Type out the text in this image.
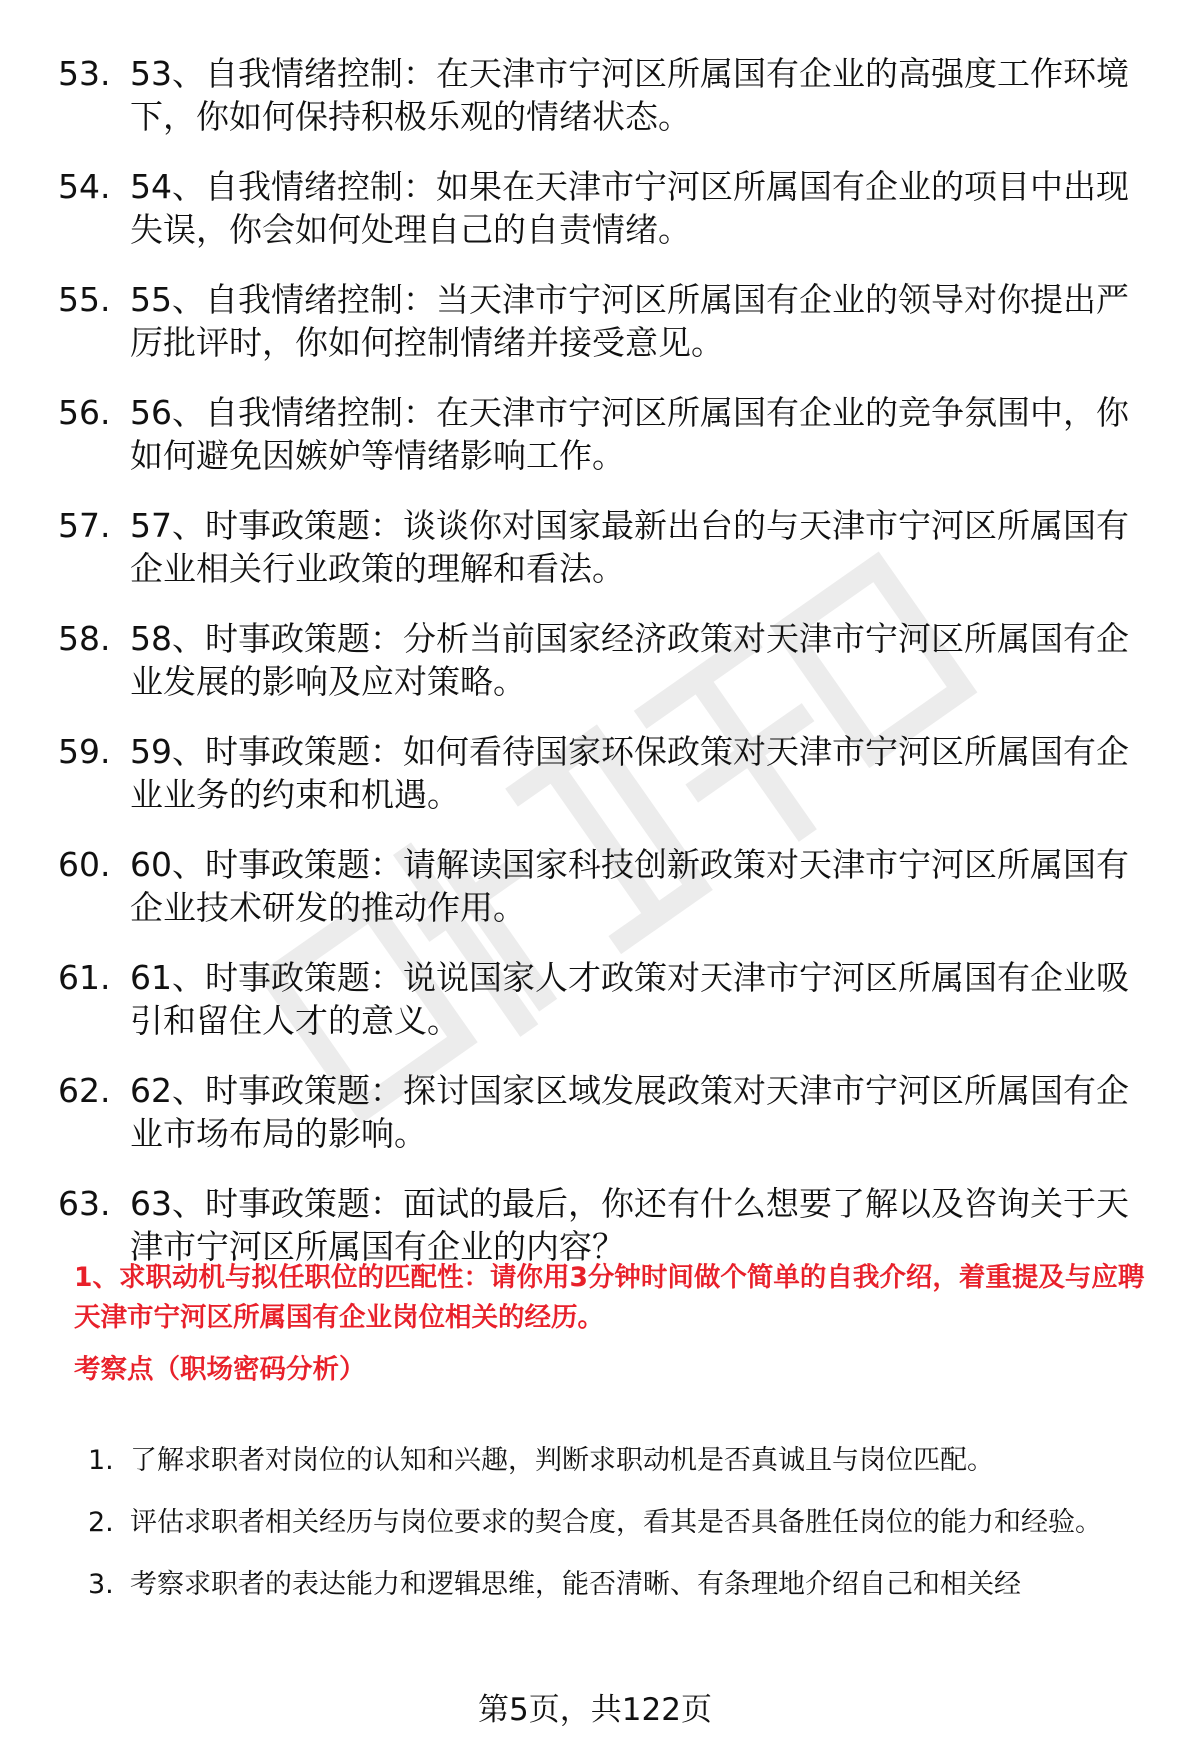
53. 53、自我情绪控制：在天津市宁河区所属国有企业的高强度工作环境下，你如何保持积极乐观的情绪状态。
54. 54、自我情绪控制：如果在天津市宁河区所属国有企业的项目中出现失误，你会如何处理自己的自责情绪。
55. 55、自我情绪控制：当天津市宁河区所属国有企业的领导对你提出严厉批评时，你如何控制情绪并接受意见。
56. 56、自我情绪控制：在天津市宁河区所属国有企业的竞争氛围中，你如何避免因嫉妒等情绪影响工作。
57. 57、时事政策题：谈谈你对国家最新出台的与天津市宁河区所属国有企业相关行业政策的理解和看法。
58. 58、时事政策题：分析当前国家经济政策对天津市宁河区所属国有企业发展的影响及应对策略。
59. 59、时事政策题：如何看待国家环保政策对天津市宁河区所属国有企业业务的约束和机遇。
60. 60、时事政策题：请解读国家科技创新政策对天津市宁河区所属国有企业技术研发的推动作用。
61. 61、时事政策题：说说国家人才政策对天津市宁河区所属国有企业吸引和留住人才的意义。
62. 62、时事政策题：探讨国家区域发展政策对天津市宁河区所属国有企业市场布局的影响。
63. 63、时事政策题：面试的最后，你还有什么想要了解以及咨询关于天津市宁河区所属国有企业的内容？
1、求职动机与拟任职位的匹配性：请你用3分钟时间做个简单的自我介绍，着重提及与应聘天津市宁河区所属国有企业岗位相关的经历。
考察点（职场密码分析）
1. 了解求职者对岗位的认知和兴趣，判断求职动机是否真诚且与岗位匹配。
2. 评估求职者相关经历与岗位要求的契合度，看其是否具备胜任岗位的能力和经验。
3. 考察求职者的表达能力和逻辑思维，能否清晰、有条理地介绍自己和相关经
第5页，共122页
